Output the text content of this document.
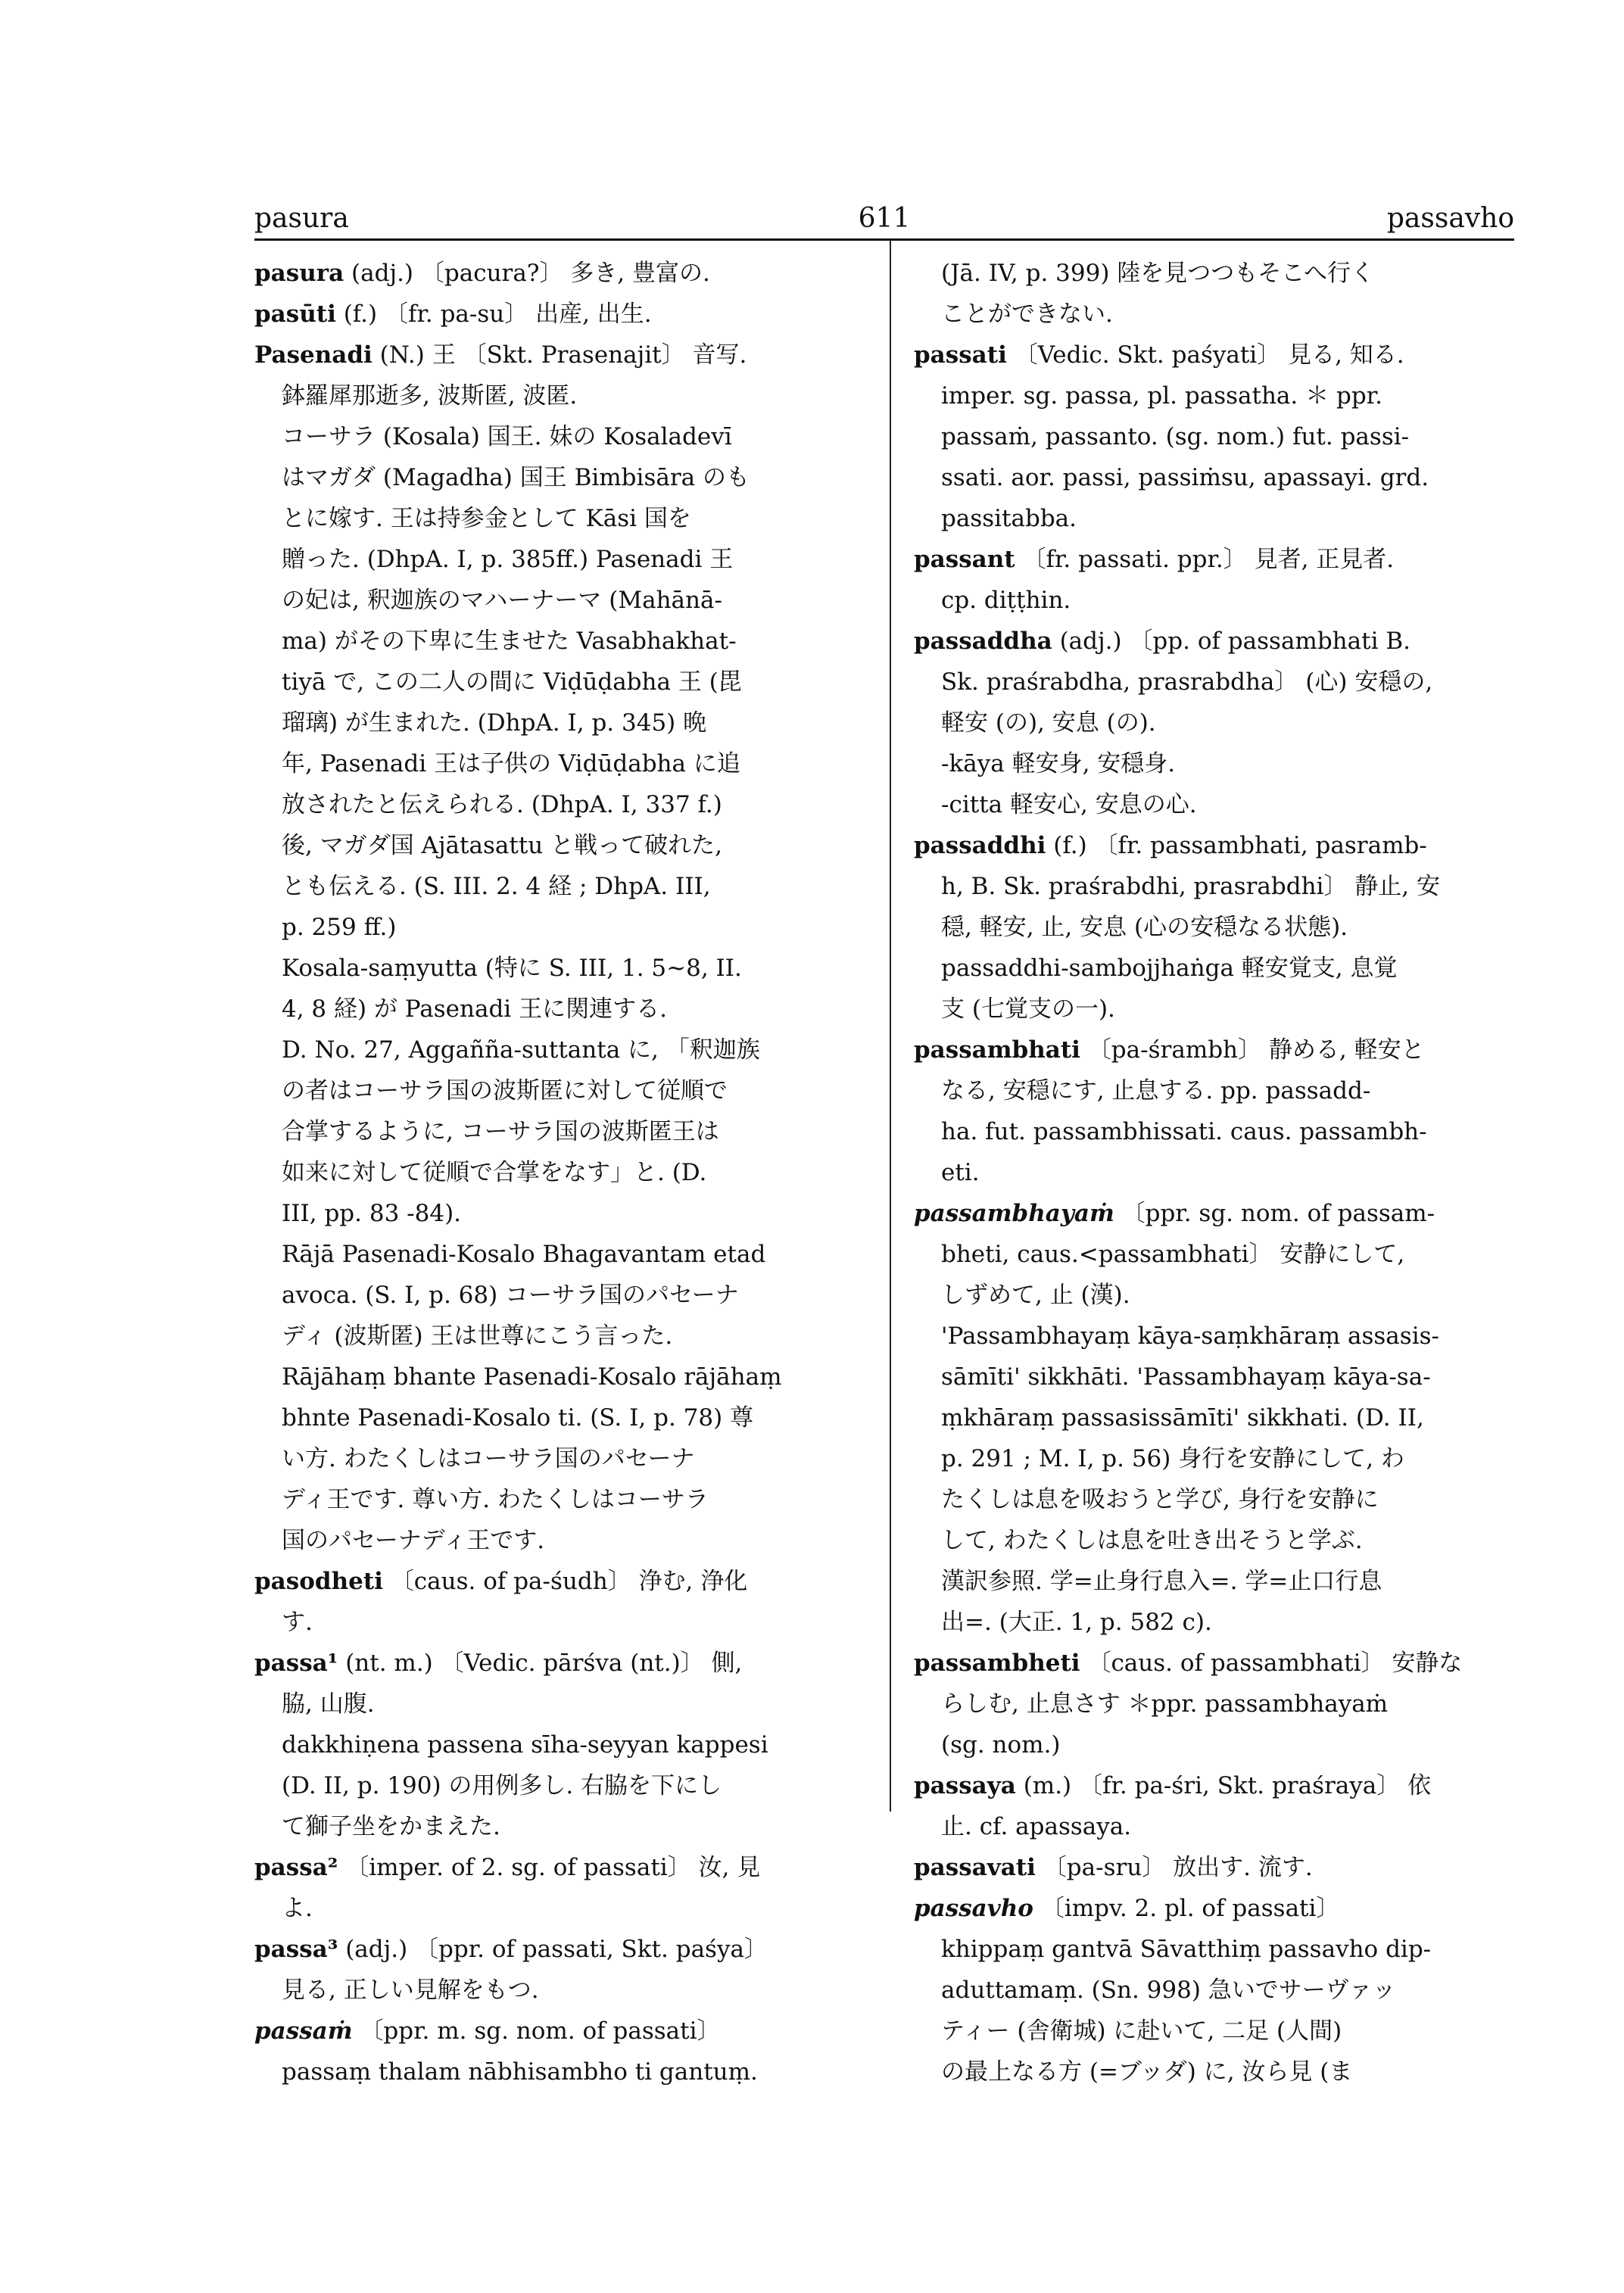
pasura	611	passavho
pasura (adj.) 〔pacura?〕 多き, 豊富の.
pasūti (f.) 〔fr. pa-su〕 出産, 出生.
Pasenadi (N.) 王 〔Skt. Prasenajit〕 音写.
鉢羅犀那逝多, 波斯匿, 波匿.
コーサラ (Kosala) 国王. 妹の Kosaladevī
はマガダ (Magadha) 国王 Bimbisāra のも
とに嫁す. 王は持参金として Kāsi 国を
贈った. (DhpA. I, p. 385ff.) Pasenadi 王
の妃は, 釈迦族のマハーナーマ (Mahānā-
ma) がその下卑に生ませた Vasabhakhat-
tiyā で, この二人の間に Viḍūḍabha 王 (毘
瑠璃) が生まれた. (DhpA. I, p. 345) 晩
年, Pasenadi 王は子供の Viḍūḍabha に追
放されたと伝えられる. (DhpA. I, 337 f.)
後, マガダ国 Ajātasattu と戦って破れた,
とも伝える. (S. III. 2. 4 経 ; DhpA. III,
p. 259 ff.)
Kosala-saṃyutta (特に S. III, 1. 5~8, II.
4, 8 経) が Pasenadi 王に関連する.
D. No. 27, Aggañña-suttanta に, 「釈迦族
の者はコーサラ国の波斯匿に対して従順で
合掌するように, コーサラ国の波斯匿王は
如来に対して従順で合掌をなす」と. (D.
III, pp. 83 -84).
Rājā Pasenadi-Kosalo Bhagavantam etad
avoca. (S. I, p. 68) コーサラ国のパセーナ
ディ (波斯匿) 王は世尊にこう言った.
Rājāhaṃ bhante Pasenadi-Kosalo rājāhaṃ
bhnte Pasenadi-Kosalo ti. (S. I, p. 78) 尊
い方. わたくしはコーサラ国のパセーナ
ディ王です. 尊い方. わたくしはコーサラ
国のパセーナディ王です.
pasodheti 〔caus. of pa-śudh〕 浄む, 浄化
す.
passa¹ (nt. m.) 〔Vedic. pārśva (nt.)〕 側,
脇, 山腹.
dakkhiṇena passena sīha-seyyan kappesi
(D. II, p. 190) の用例多し. 右脇を下にし
て獅子坐をかまえた.
passa² 〔imper. of 2. sg. of passati〕 汝, 見
よ.
passa³ (adj.) 〔ppr. of passati, Skt. paśya〕
見る, 正しい見解をもつ.
passaṁ 〔ppr. m. sg. nom. of passati〕
passaṃ thalam nābhisambho ti gantuṃ.
(Jā. IV, p. 399) 陸を見つつもそこへ行く
ことができない.
passati 〔Vedic. Skt. paśyati〕 見る, 知る.
imper. sg. passa, pl. passatha. ＊ ppr.
passaṁ, passanto. (sg. nom.) fut. passi-
ssati. aor. passi, passiṁsu, apassayi. grd.
passitabba.
passant 〔fr. passati. ppr.〕 見者, 正見者.
cp. diṭṭhin.
passaddha (adj.) 〔pp. of passambhati B.
Sk. praśrabdha, prasrabdha〕 (心) 安穏の,
軽安 (の), 安息 (の).
-kāya 軽安身, 安穏身.
-citta 軽安心, 安息の心.
passaddhi (f.) 〔fr. passambhati, pasramb-
h, B. Sk. praśrabdhi, prasrabdhi〕 静止, 安
穏, 軽安, 止, 安息 (心の安穏なる状態).
passaddhi-sambojjhaṅga 軽安覚支, 息覚
支 (七覚支の一).
passambhati 〔pa-śrambh〕 静める, 軽安と
なる, 安穏にす, 止息する. pp. passadd-
ha. fut. passambhissati. caus. passambh-
eti.
passambhayaṁ 〔ppr. sg. nom. of passam-
bheti, caus.<passambhati〕 安静にして,
しずめて, 止 (漢).
'Passambhayaṃ kāya-saṃkhāraṃ assasis-
sāmīti' sikkhāti. 'Passambhayaṃ kāya-sa-
ṃkhāraṃ passasissāmīti' sikkhati. (D. II,
p. 291 ; M. I, p. 56) 身行を安静にして, わ
たくしは息を吸おうと学び, 身行を安静に
して, わたくしは息を吐き出そうと学ぶ.
漢訳参照. 学=止身行息入=. 学=止口行息
出=. (大正. 1, p. 582 c).
passambheti 〔caus. of passambhati〕 安静な
らしむ, 止息さす ＊ppr. passambhayaṁ
(sg. nom.)
passaya (m.) 〔fr. pa-śri, Skt. praśraya〕 依
止. cf. apassaya.
passavati 〔pa-sru〕 放出す. 流す.
passavho 〔impv. 2. pl. of passati〕
khippaṃ gantvā Sāvatthiṃ passavho dip-
aduttamaṃ. (Sn. 998) 急いでサーヴァッ
ティー (舎衛城) に赴いて, 二足 (人間)
の最上なる方 (=ブッダ) に, 汝ら見 (ま
